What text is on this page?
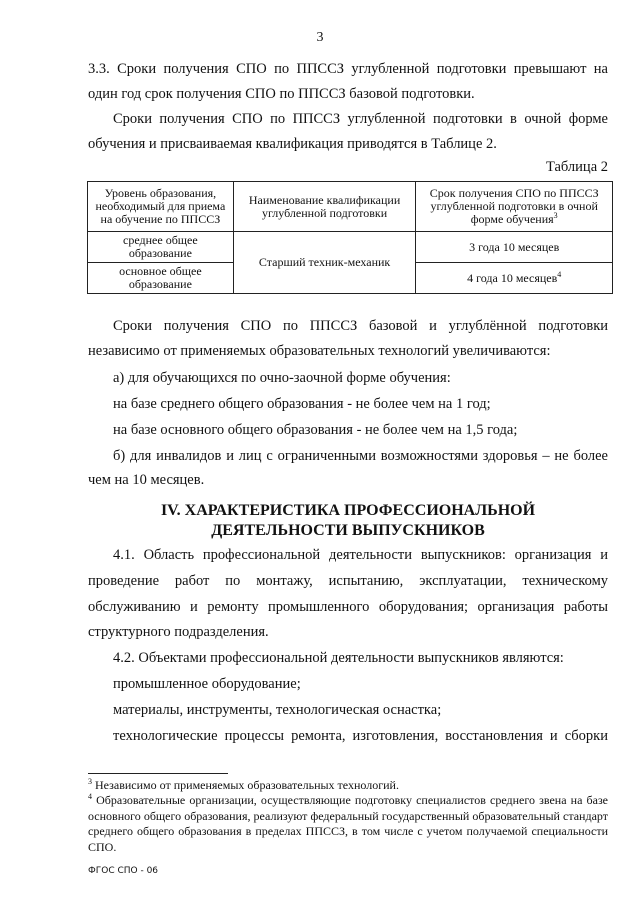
3
3.3. Сроки получения СПО по ППССЗ углубленной подготовки превышают на
один год срок получения СПО по ППССЗ базовой подготовки.
Сроки получения СПО по ППССЗ углубленной подготовки в очной форме
обучения и присваиваемая квалификация приводятся в Таблице 2.
Таблица 2
Уровень образования, необходимый для приема на обучение по ППССЗ	Наименование квалификации углубленной подготовки	Срок получения СПО по ППССЗ углубленной подготовки в очной форме обучения$^3$
среднее общее образование	Старший техник-механик	3 года 10 месяцев
основное общее образование		4 года 10 месяцев$^4$
Сроки получения СПО по ППССЗ базовой и углублённой подготовки
независимо от применяемых образовательных технологий увеличиваются:
а) для обучающихся по очно-заочной форме обучения:
на базе среднего общего образования - не более чем на 1 год;
на базе основного общего образования - не более чем на 1,5 года;
б) для инвалидов и лиц с ограниченными возможностями здоровья – не более
чем на 10 месяцев.
IV. ХАРАКТЕРИСТИКА ПРОФЕССИОНАЛЬНОЙ
ДЕЯТЕЛЬНОСТИ ВЫПУСКНИКОВ
4.1. Область профессиональной деятельности выпускников: организация и
проведение работ по монтажу, испытанию, эксплуатации, техническому
обслуживанию и ремонту промышленного оборудования; организация работы
структурного подразделения.
4.2. Объектами профессиональной деятельности выпускников являются:
промышленное оборудование;
материалы, инструменты, технологическая оснастка;
технологические процессы ремонта, изготовления, восстановления и сборки
$^3$ Независимо от применяемых образовательных технологий.
$^4$ Образовательные организации, осуществляющие подготовку специалистов среднего звена на базе основного общего образования, реализуют федеральный государственный образовательный стандарт среднего общего образования в пределах ППССЗ, в том числе с учетом получаемой специальности СПО.
ФГОС СПО - 06
